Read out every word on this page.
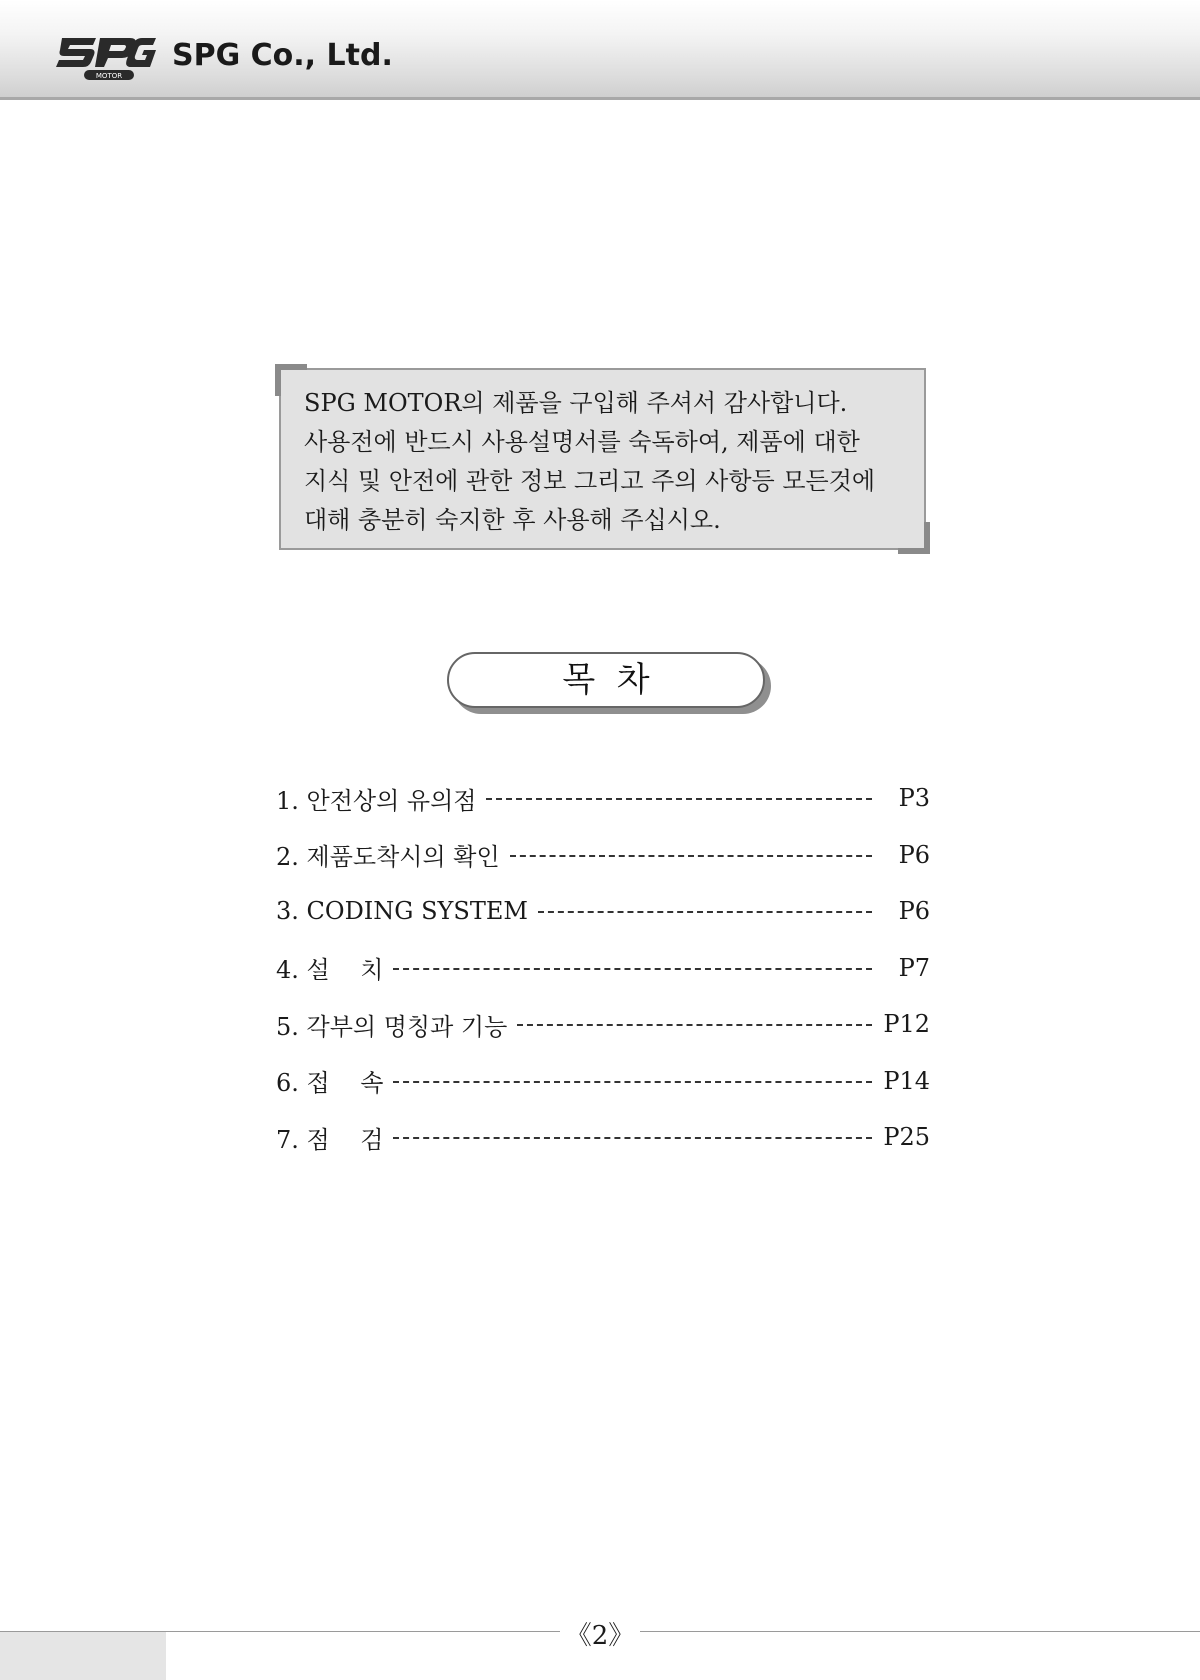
MOTOR
SPG Co., Ltd.
SPG MOTOR의 제품을 구입해 주셔서 감사합니다.
사용전에 반드시 사용설명서를 숙독하여, 제품에 대한
지식 및 안전에 관한 정보 그리고 주의 사항등 모든것에
대해 충분히 숙지한 후 사용해 주십시오.
목  차
1. 안전상의 유의점	P3
2. 제품도착시의 확인	P6
3. CODING SYSTEM	P6
4. 설    치	P7
5. 각부의 명칭과 기능	P12
6. 접    속	P14
7. 점    검	P25
《2》
